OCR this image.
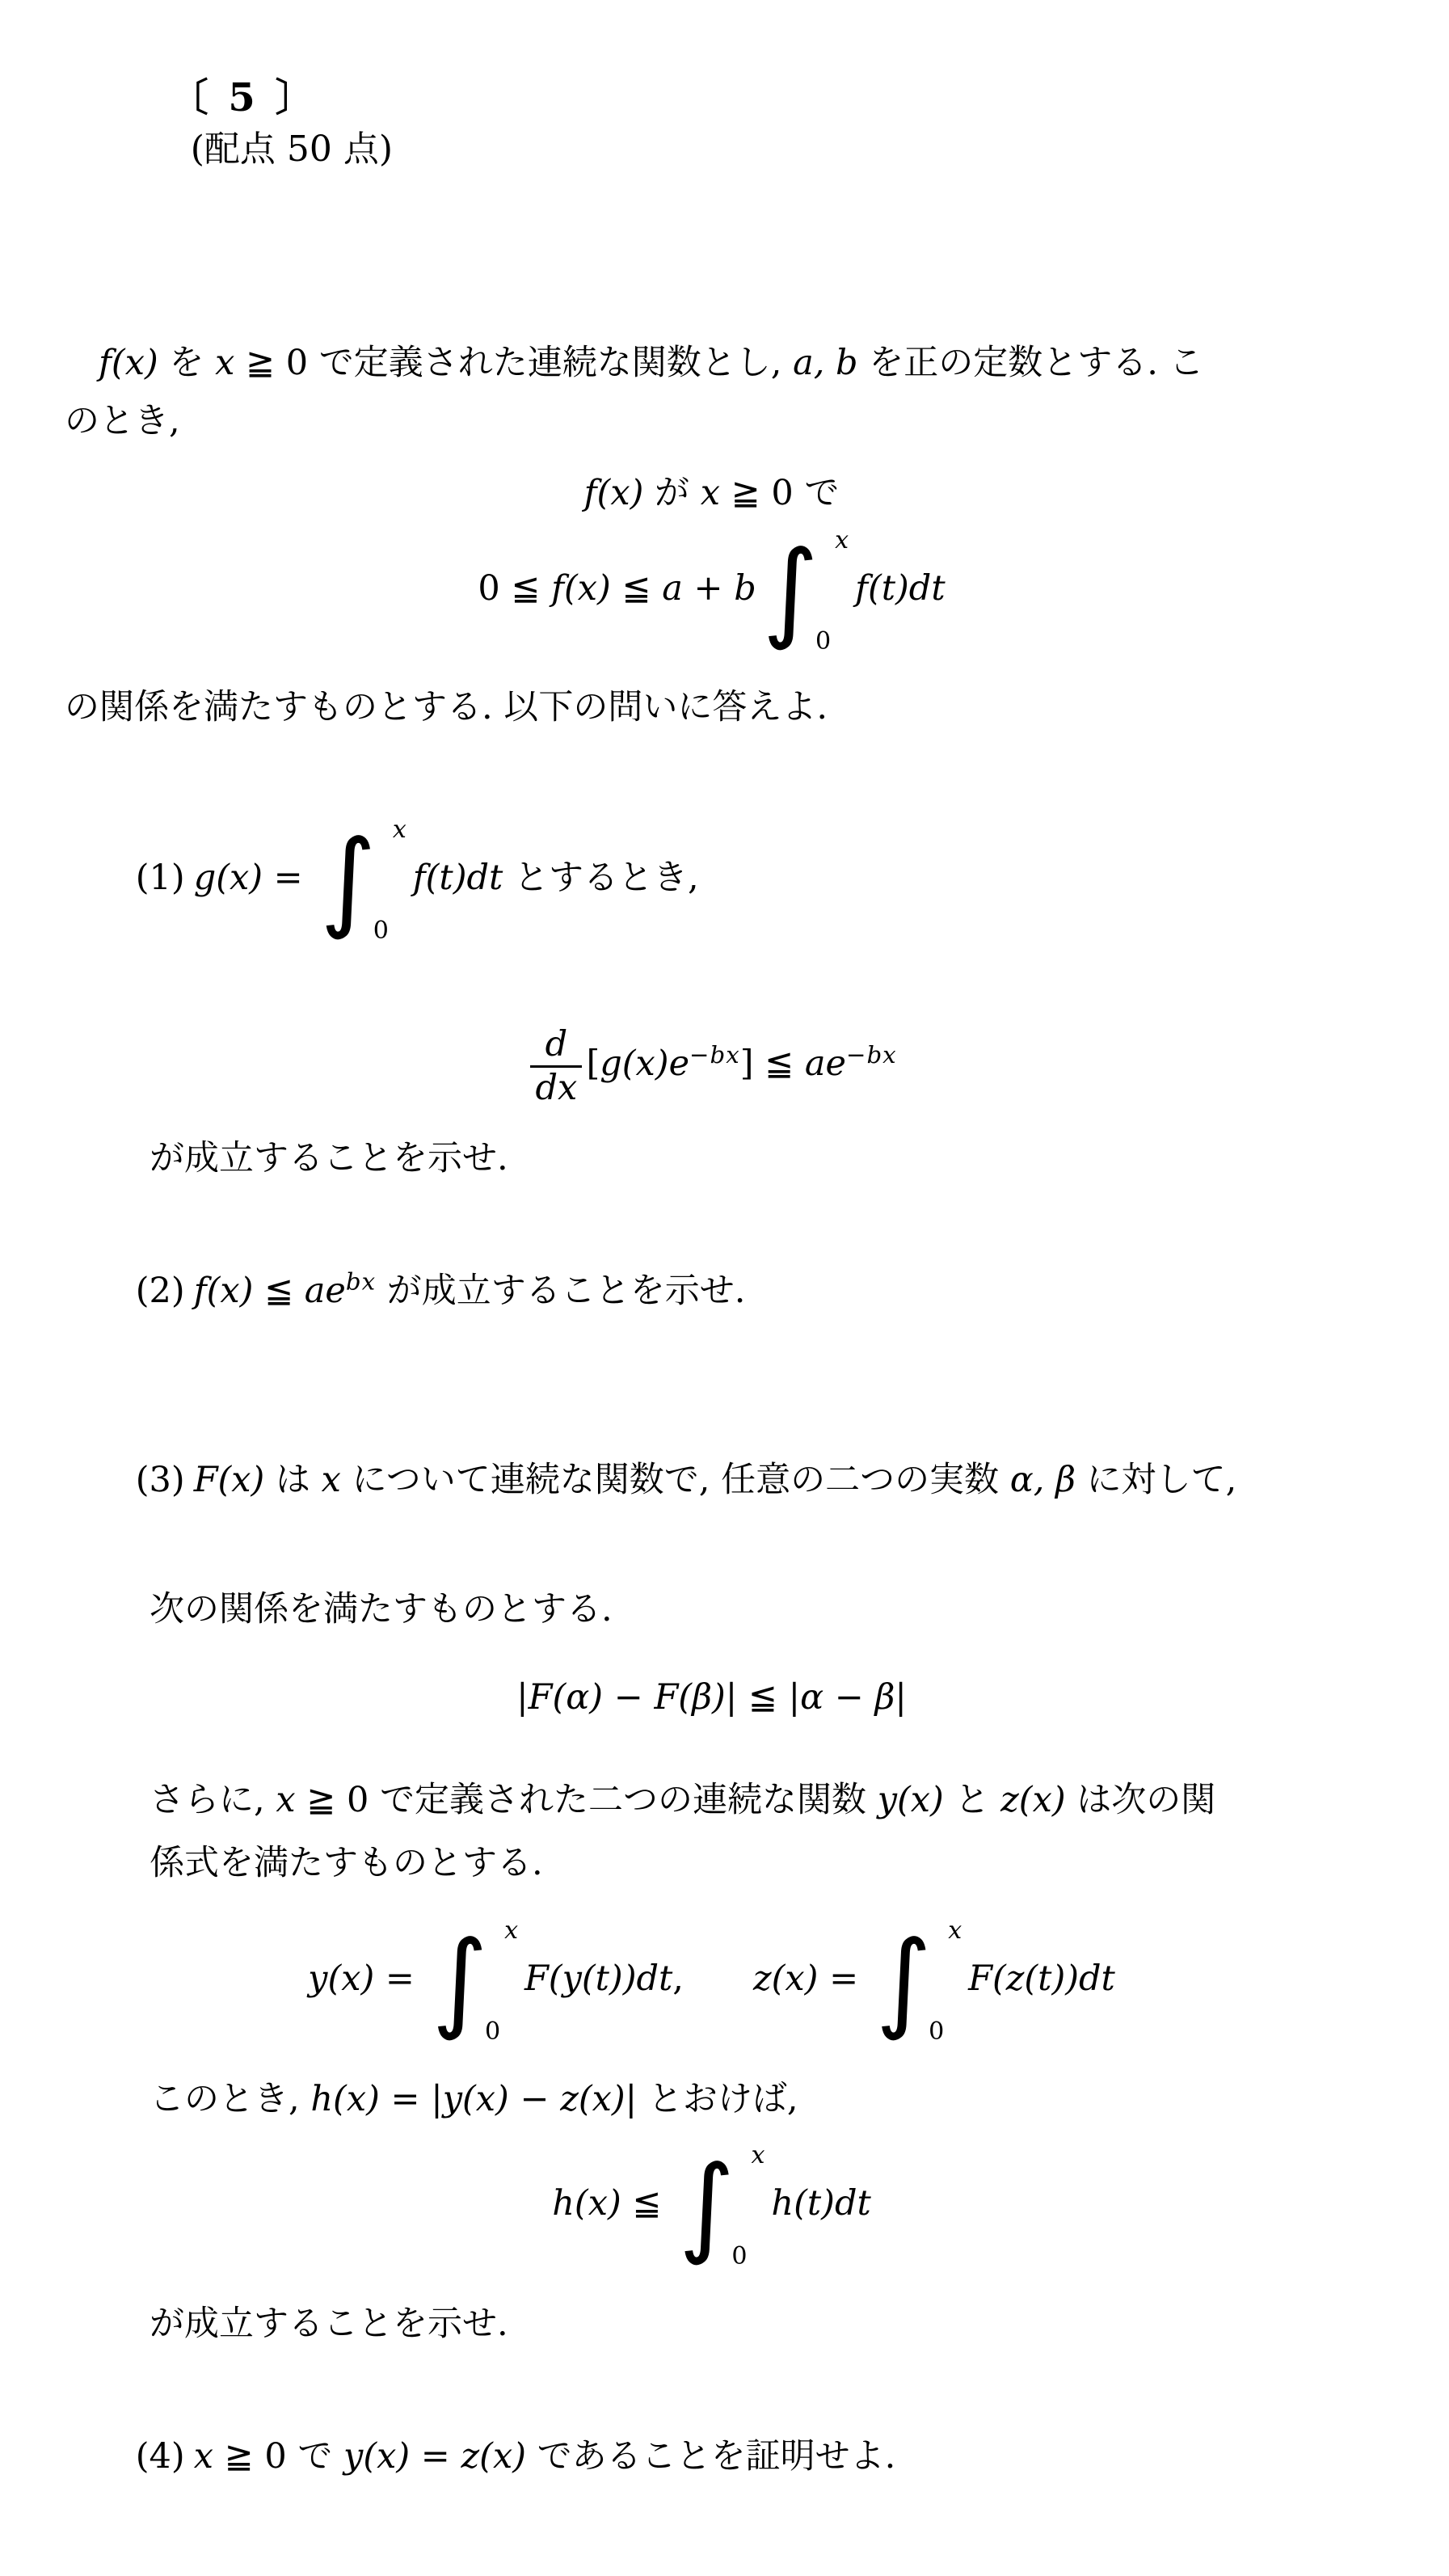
〔 5 〕
(配点 50 点)

f(x) を x ≧ 0 で定義された連続な関数とし, a, b を正の定数とする. こ
のとき,
f(x) が x ≧ 0 で
0 ≦ f(x) ≦ a + b∫ x
0
f(t)dt
の関係を満たすものとする. 以下の問いに答えよ.

(1) g(x) = ∫ x
0
f(t)dt とするとき,

$\frac{d}{dx} [g(x)e^{-bx}]$ ≦ $ae^{-bx}$
が成立することを示せ.

(2) f(x) ≦ $ae^{bx}$ が成立することを示せ.

(3) F(x) は x について連続な関数で, 任意の二つの実数 α, β に対して,

次の関係を満たすものとする.
|F(α) − F(β)| ≦ |α − β|
さらに, x ≧ 0 で定義された二つの連続な関数 y(x) と z(x) は次の関
係式を満たすものとする.
y(x) = ∫ x
0
F(y(t))dt, z(x) = ∫ x
0
F(z(t))dt
このとき, h(x) = |y(x) − z(x)| とおけば,
h(x) ≦ ∫ x
0
h(t)dt
が成立することを示せ.

(4) x ≧ 0 で y(x) = z(x) であることを証明せよ.
